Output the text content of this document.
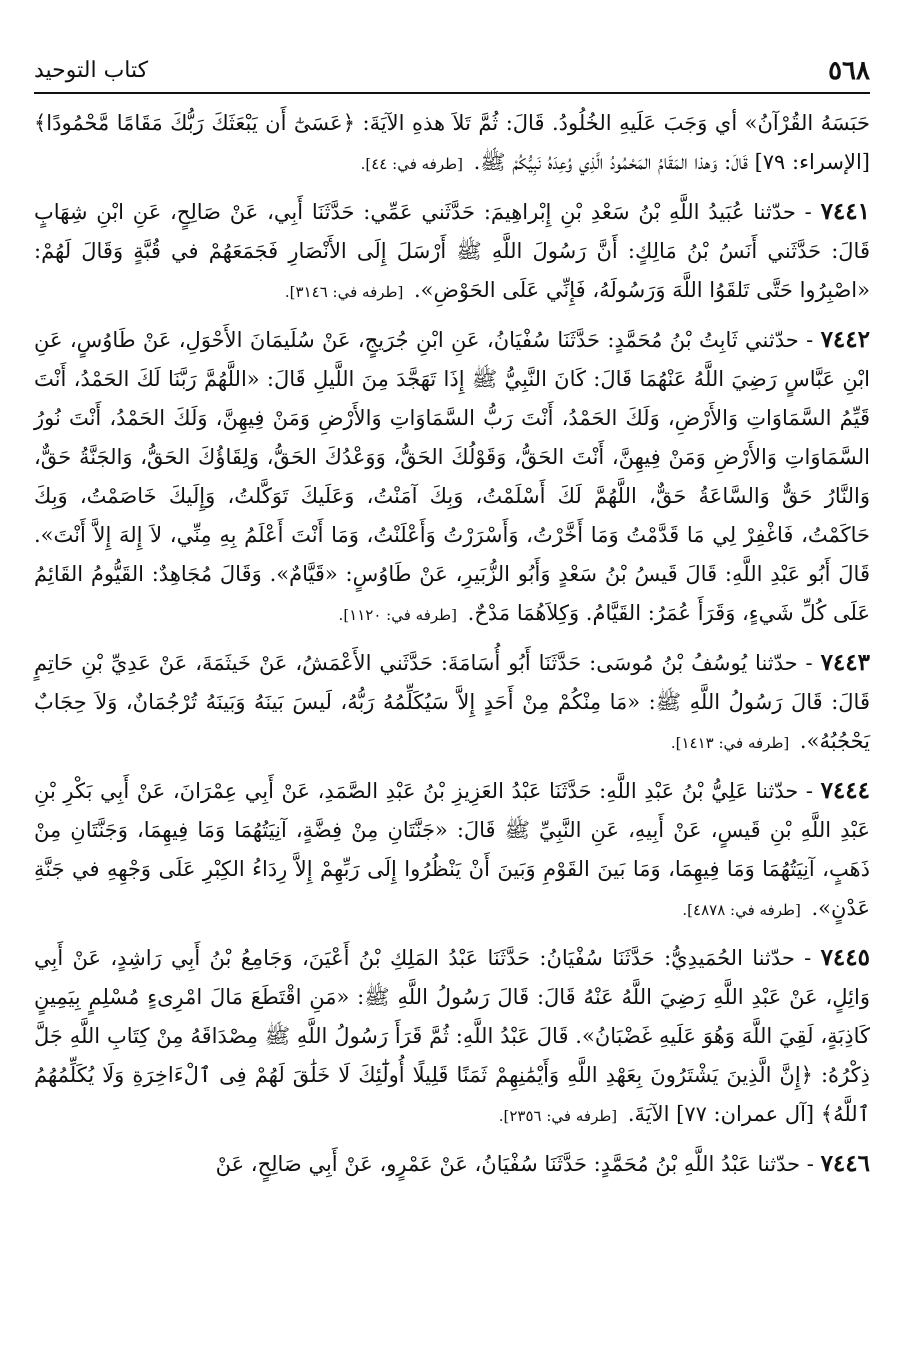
٥٦٨
كتاب التوحيد

حَبَسَهُ القُرْآنُ» أي وَجَبَ عَلَيهِ الخُلُودُ. قَالَ: ثُمَّ تَلاَ هذهِ الآيَةَ: ﴿عَسَىٰٓ أَن يَبْعَثَكَ رَبُّكَ مَقَامًا مَّحْمُودًا﴾ [الإسراء: ٧٩] قَالَ: وَهذا المَقَامُ المَحْمُودُ الَّذِي وُعِدَهُ نَبِيُّكُمْ ﷺ. [طرفه في: ٤٤].

٧٤٤١ - حدّثنا عُبَيدُ اللَّهِ بْنُ سَعْدِ بْنِ إِبْراهِيمَ: حَدَّثَني عَمِّي: حَدَّثَنَا أَبِي، عَنْ صَالِحٍ، عَنِ ابْنِ شِهَابٍ قَالَ: حَدَّثَني أَنَسُ بْنُ مَالِكٍ: أَنَّ رَسُولَ اللَّهِ ﷺ أَرْسَلَ إِلَى الأَنْصَارِ فَجَمَعَهُمْ في قُبَّةٍ وَقَالَ لَهُمْ: «اصْبِرُوا حَتَّى تَلقَوُا اللَّهَ وَرَسُولَهُ، فَإِنِّي عَلَى الحَوْضِ». [طرفه في: ٣١٤٦].

٧٤٤٢ - حدّثني ثَابِتُ بْنُ مُحَمَّدٍ: حَدَّثَنَا سُفْيَانُ، عَنِ ابْنِ جُرَيجٍ، عَنْ سُلَيمَانَ الأَحْوَلِ، عَنْ طَاوُسٍ، عَنِ ابْنِ عَبَّاسٍ رَضِيَ اللَّهُ عَنْهُمَا قَالَ: كَانَ النَّبِيُّ ﷺ إِذَا تَهَجَّدَ مِنَ اللَّيلِ قَالَ: «اللَّهُمَّ رَبَّنَا لَكَ الحَمْدُ، أَنْتَ قَيِّمُ السَّمَاوَاتِ وَالأَرْضِ، وَلَكَ الحَمْدُ، أَنْتَ رَبُّ السَّمَاوَاتِ وَالأَرْضِ وَمَنْ فِيهِنَّ، وَلَكَ الحَمْدُ، أَنْتَ نُورُ السَّمَاوَاتِ وَالأَرْضِ وَمَنْ فِيهِنَّ، أَنْتَ الحَقُّ، وَقَوْلُكَ الحَقُّ، وَوَعْدُكَ الحَقُّ، وَلِقَاؤُكَ الحَقُّ، وَالجَنَّةُ حَقٌّ، وَالنَّارُ حَقٌّ وَالسَّاعَةُ حَقٌّ، اللَّهُمَّ لَكَ أَسْلَمْتُ، وَبِكَ آمَنْتُ، وَعَلَيكَ تَوَكَّلتُ، وَإِلَيكَ خَاصَمْتُ، وَبِكَ حَاكَمْتُ، فَاغْفِرْ لِي مَا قَدَّمْتُ وَمَا أَخَّرْتُ، وَأَسْرَرْتُ وَأَعْلَنْتُ، وَمَا أَنْتَ أَعْلَمُ بِهِ مِنِّي، لاَ إِلهَ إِلاَّ أَنْتَ». قَالَ أَبُو عَبْدِ اللَّهِ: قَالَ قَيسُ بْنُ سَعْدٍ وَأَبُو الزُّبَيرِ، عَنْ طَاوُسٍ: «قَيَّامٌ». وَقَالَ مُجَاهِدٌ: القَيُّومُ القَائِمُ عَلَى كُلِّ شَيءٍ، وَقَرَأَ عُمَرُ: القَيَّامُ. وَكِلاَهُمَا مَدْحٌ. [طرفه في: ١١٢٠].

٧٤٤٣ - حدّثنا يُوسُفُ بْنُ مُوسَى: حَدَّثَنَا أَبُو أُسَامَةَ: حَدَّثَني الأَعْمَشُ، عَنْ خَيثَمَةَ، عَنْ عَدِيِّ بْنِ حَاتِمٍ قَالَ: قَالَ رَسُولُ اللَّهِ ﷺ: «مَا مِنْكُمْ مِنْ أَحَدٍ إِلاَّ سَيُكَلِّمُهُ رَبُّهُ، لَيسَ بَينَهُ وَبَينَهُ تُرْجُمَانٌ، وَلاَ حِجَابٌ يَحْجُبُهُ». [طرفه في: ١٤١٣].

٧٤٤٤ - حدّثنا عَلِيُّ بْنُ عَبْدِ اللَّهِ: حَدَّثَنَا عَبْدُ العَزِيزِ بْنُ عَبْدِ الصَّمَدِ، عَنْ أَبِي عِمْرَانَ، عَنْ أَبِي بَكْرِ بْنِ عَبْدِ اللَّهِ بْنِ قَيسٍ، عَنْ أَبِيهِ، عَنِ النَّبِيِّ ﷺ قَالَ: «جَنَّتَانِ مِنْ فِضَّةٍ، آنِيَتُهُمَا وَمَا فِيهِمَا، وَجَنَّتَانِ مِنْ ذَهَبٍ، آنِيَتُهُمَا وَمَا فِيهِمَا، وَمَا بَينَ القَوْمِ وَبَينَ أَنْ يَنْظُرُوا إِلَى رَبِّهِمْ إِلاَّ رِدَاءُ الكِبْرِ عَلَى وَجْهِهِ في جَنَّةِ عَدْنٍ». [طرفه في: ٤٨٧٨].

٧٤٤٥ - حدّثنا الحُمَيدِيُّ: حَدَّثَنَا سُفْيَانُ: حَدَّثَنَا عَبْدُ المَلِكِ بْنُ أَعْيَنَ، وَجَامِعُ بْنُ أَبِي رَاشِدٍ، عَنْ أَبِي وَائِلٍ، عَنْ عَبْدِ اللَّهِ رَضِيَ اللَّهُ عَنْهُ قَالَ: قَالَ رَسُولُ اللَّهِ ﷺ: «مَنِ اقْتَطَعَ مَالَ امْرِىءٍ مُسْلِمٍ بِيَمِينٍ كَاذِبَةٍ، لَقِيَ اللَّهَ وَهُوَ عَلَيهِ غَضْبَانُ». قَالَ عَبْدُ اللَّهِ: ثُمَّ قَرَأَ رَسُولُ اللَّهِ ﷺ مِصْدَاقَهُ مِنْ كِتَابِ اللَّهِ جَلَّ ذِكْرُهُ: ﴿إِنَّ الَّذِينَ يَشْتَرُونَ بِعَهْدِ اللَّهِ وَأَيْمَٰنِهِمْ ثَمَنًا قَلِيلًا أُولَٰٓئِكَ لَا خَلَٰقَ لَهُمْ فِى ٱلْءَاخِرَةِ وَلَا يُكَلِّمُهُمُ ٱللَّهُ﴾ [آل عمران: ٧٧] الآيَةَ. [طرفه في: ٢٣٥٦].

٧٤٤٦ - حدّثنا عَبْدُ اللَّهِ بْنُ مُحَمَّدٍ: حَدَّثَنَا سُفْيَانُ، عَنْ عَمْرٍو، عَنْ أَبِي صَالِحٍ، عَنْ
